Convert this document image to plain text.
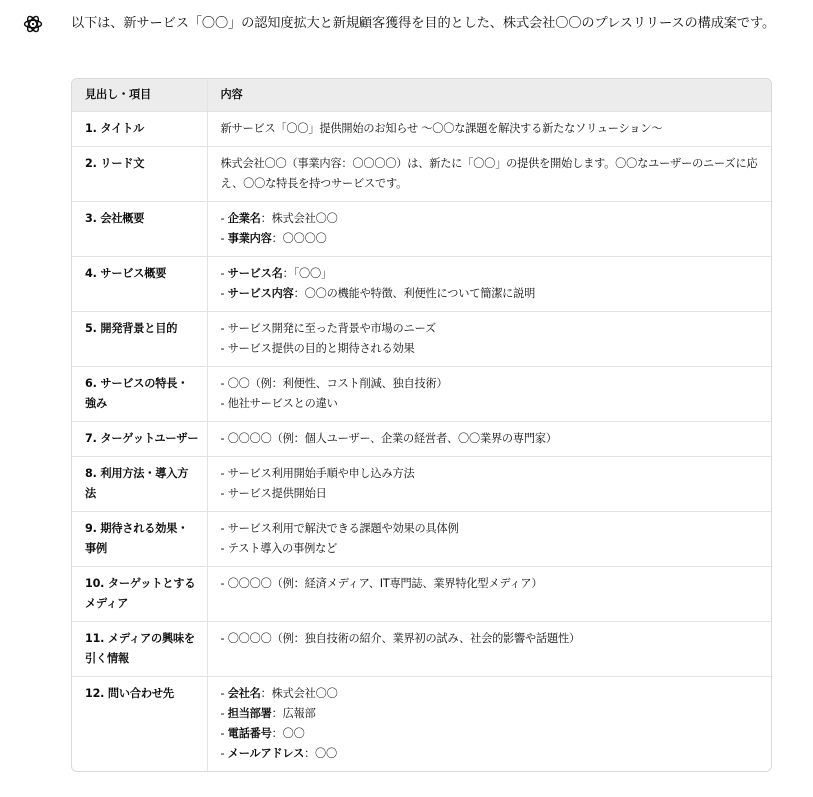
以下は、新サービス「〇〇」の認知度拡大と新規顧客獲得を目的とした、株式会社〇〇のプレスリリースの構成案です。
見出し・項目	内容
1. タイトル	新サービス「〇〇」提供開始のお知らせ 〜〇〇な課題を解決する新たなソリューション〜

2. リード文	株式会社〇〇（事業内容：〇〇〇〇）は、新たに「〇〇」の提供を開始します。〇〇なユーザーのニーズに応え、〇〇な特長を持つサービスです。

3. 会社概要	- 企業名：株式会社〇〇
- 事業内容：〇〇〇〇

4. サービス概要	- サービス名：「〇〇」
- サービス内容：〇〇の機能や特徴、利便性について簡潔に説明

5. 開発背景と目的	- サービス開発に至った背景や市場のニーズ
- サービス提供の目的と期待される効果

6. サービスの特長・強み	- 〇〇（例：利便性、コスト削減、独自技術）
- 他社サービスとの違い

7. ターゲットユーザー	- 〇〇〇〇（例：個人ユーザー、企業の経営者、〇〇業界の専門家）

8. 利用方法・導入方法	- サービス利用開始手順や申し込み方法
- サービス提供開始日

9. 期待される効果・事例	- サービス利用で解決できる課題や効果の具体例
- テスト導入の事例など

10. ターゲットとするメディア	- 〇〇〇〇（例：経済メディア、IT専門誌、業界特化型メディア）

11. メディアの興味を引く情報	- 〇〇〇〇（例：独自技術の紹介、業界初の試み、社会的影響や話題性）

12. 問い合わせ先	- 会社名：株式会社〇〇
- 担当部署：広報部
- 電話番号：〇〇
- メールアドレス：〇〇
